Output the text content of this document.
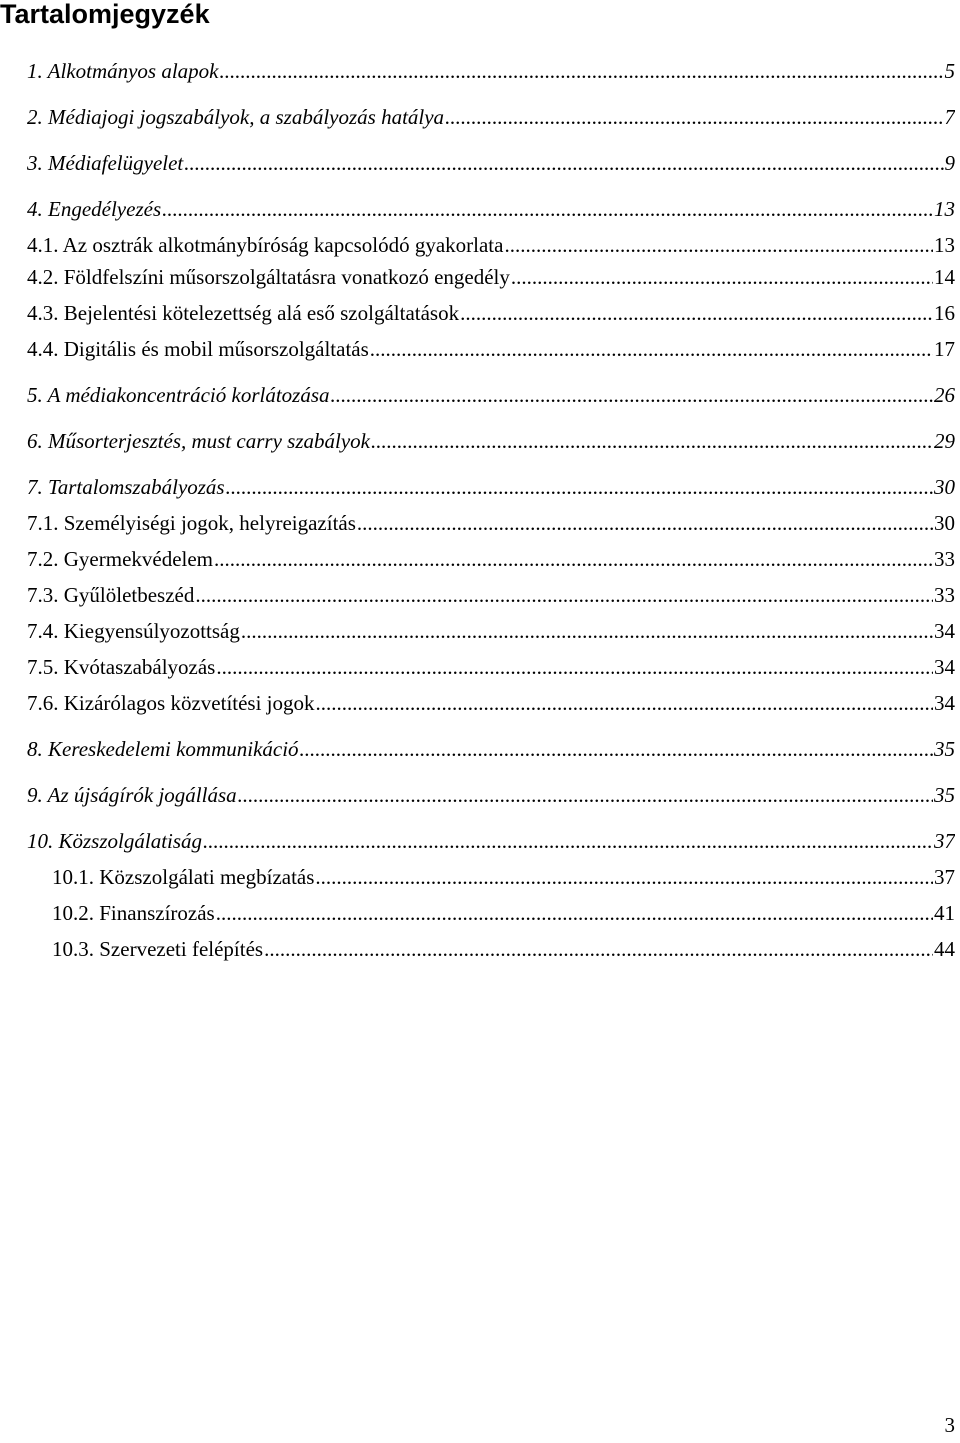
Tartalomjegyzék
1. Alkotmányos alapok .....	5
2. Médiajogi jogszabályok, a szabályozás hatálya .....	7
3. Médiafelügyelet .....	9
4. Engedélyezés .....	13
4.1. Az osztrák alkotmánybíróság kapcsolódó gyakorlata .....	13
4.2. Földfelszíni műsorszolgáltatásra vonatkozó engedély .....	14
4.3. Bejelentési kötelezettség alá eső szolgáltatások .....	16
4.4. Digitális és mobil műsorszolgáltatás .....	17
5. A médiakoncentráció korlátozása .....	26
6. Műsorterjesztés, must carry szabályok .....	29
7. Tartalomszabályozás .....	30
7.1. Személyiségi jogok, helyreigazítás .....	30
7.2. Gyermekvédelem .....	33
7.3. Gyűlöletbeszéd .....	33
7.4. Kiegyensúlyozottság .....	34
7.5. Kvótaszabályozás .....	34
7.6. Kizárólagos közvetítési jogok .....	34
8. Kereskedelemi kommunikáció .....	35
9. Az újságírók jogállása .....	35
10. Közszolgálatiság .....	37
10.1. Közszolgálati megbízatás .....	37
10.2. Finanszírozás .....	41
10.3. Szervezeti felépítés .....	44
3
